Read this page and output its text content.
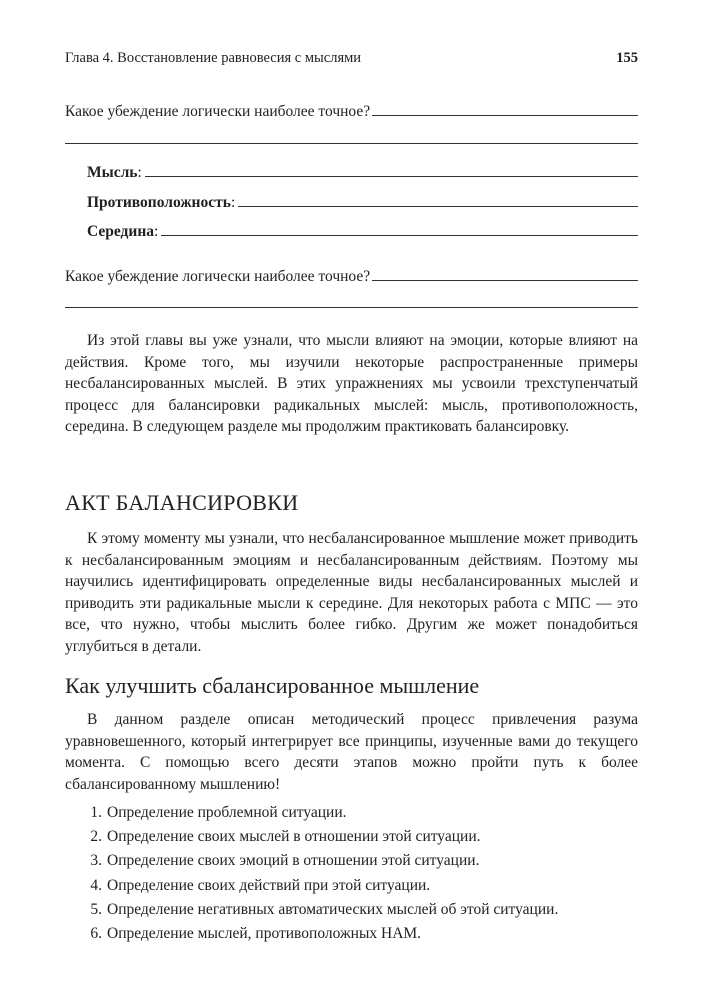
Глава 4. Восстановление равновесия с мыслями	155
Какое убеждение логически наиболее точное?
Мысль :
Противоположность :
Середина :
Какое убеждение логически наиболее точное?

Из этой главы вы уже узнали, что мысли влияют на эмоции, которые влияют на действия. Кроме того, мы изучили некоторые распространенные примеры несбалансированных мыслей. В этих упражнениях мы усвоили трехступенчатый процесс для балансировки радикальных мыслей: мысль, противоположность, середина. В следующем разделе мы продолжим практиковать балансировку.

АКТ БАЛАНСИРОВКИ

К этому моменту мы узнали, что несбалансированное мышление может приводить к несбалансированным эмоциям и несбалансированным действиям. Поэтому мы научились идентифицировать определенные виды несбалансированных мыслей и приводить эти радикальные мысли к середине. Для некоторых работа с МПС — это все, что нужно, чтобы мыслить более гибко. Другим же может понадобиться углубиться в детали.

Как улучшить сбалансированное мышление

В данном разделе описан методический процесс привлечения разума уравновешенного, который интегрирует все принципы, изученные вами до текущего момента. С помощью всего десяти этапов можно пройти путь к более сбалансированному мышлению!

1. Определение проблемной ситуации.
2. Определение своих мыслей в отношении этой ситуации.
3. Определение своих эмоций в отношении этой ситуации.
4. Определение своих действий при этой ситуации.
5. Определение негативных автоматических мыслей об этой ситуации.
6. Определение мыслей, противоположных НАМ.
